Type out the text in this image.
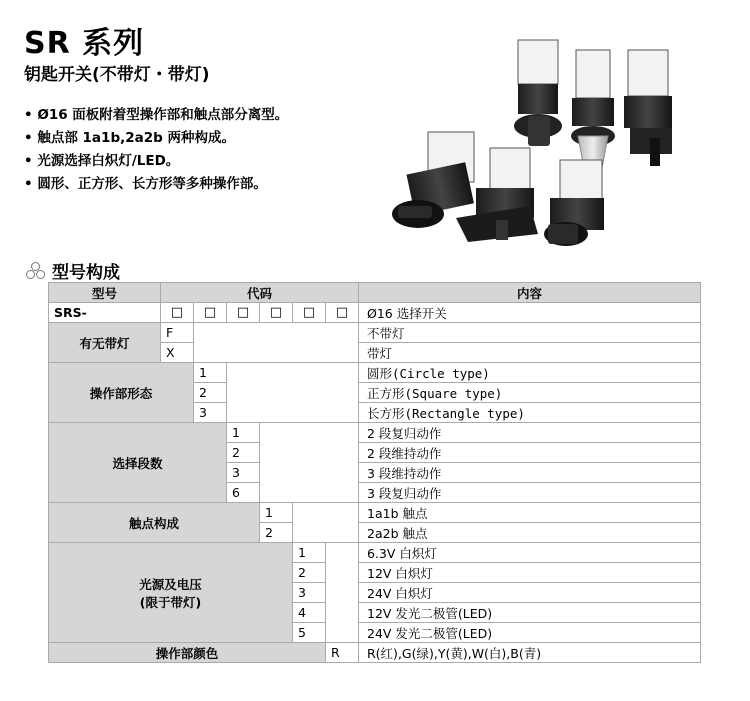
SR 系列
钥匙开关(不带灯・带灯)
• Ø16 面板附着型操作部和触点部分离型。
• 触点部 1a1b,2a2b 两种构成。
• 光源选择白炽灯/LED。
• 圆形、正方形、长方形等多种操作部。
型号构成
型号	代码						内容
SRS-	□	□	□	□	□	□	Ø16 选择开关
有无带灯	F						不带灯
	X						带灯
操作部形态		1					圆形(Circle type)
		2					正方形(Square type)
		3					长方形(Rectangle type)
选择段数			1				2 段复归动作
			2				2 段维持动作
			3				3 段维持动作
			6				3 段复归动作
触点构成				1			1a1b 触点
				2			2a2b 触点

光源及电压
(限于带灯)					1		6.3V 白炽灯
					2		12V 白炽灯
					3		24V 白炽灯
					4		12V 发光二极管(LED)
					5		24V 发光二极管(LED)
操作部颜色						R	R(红),G(绿),Y(黄),W(白),B(青)
